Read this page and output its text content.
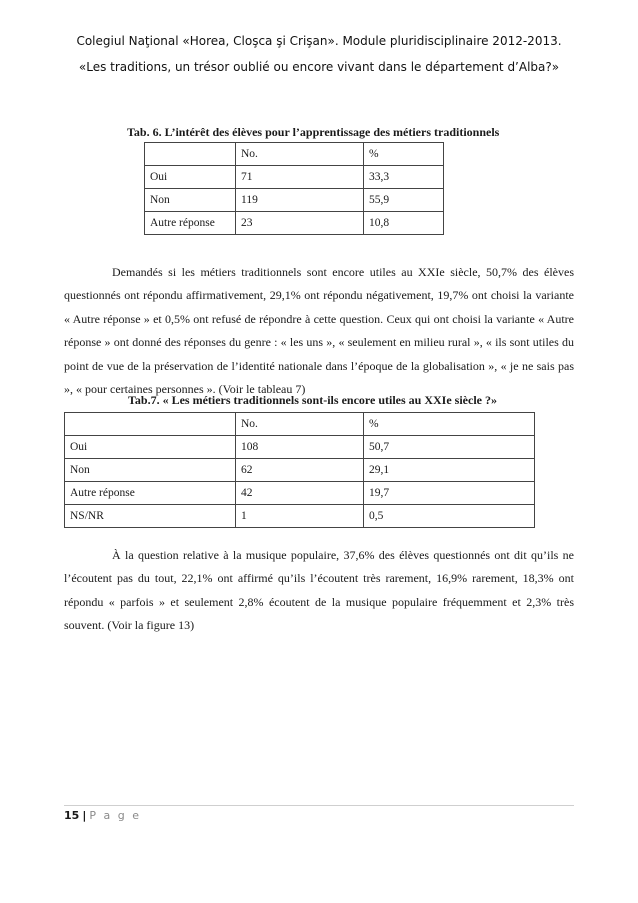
Colegiul Naţional «Horea, Cloşca şi Crişan». Module pluridisciplinaire 2012-2013.
«Les traditions, un trésor oublié ou encore vivant dans le département d’Alba?»
Tab. 6. L’intérêt des élèves pour l’apprentissage des métiers traditionnels
	No.	%
Oui	71	33,3
Non	119	55,9
Autre réponse	23	10,8

Demandés si les métiers traditionnels sont encore utiles au XXIe siècle, 50,7% des élèves questionnés ont répondu affirmativement, 29,1% ont répondu négativement, 19,7% ont choisi la variante « Autre réponse » et 0,5% ont refusé de répondre à cette question. Ceux qui ont choisi la variante « Autre réponse » ont donné des réponses du genre : « les uns », « seulement en milieu rural », « ils sont utiles du point de vue de la préservation de l’identité nationale dans l’époque de la globalisation », « je ne sais pas », « pour certaines personnes ». (Voir le tableau 7)

Tab.7. « Les métiers traditionnels sont-ils encore utiles au XXIe siècle ?»
	No.	%
Oui	108	50,7
Non	62	29,1
Autre réponse	42	19,7
NS/NR	1	0,5

À la question relative à la musique populaire, 37,6% des élèves questionnés ont dit qu’ils ne l’écoutent pas du tout, 22,1% ont affirmé qu’ils l’écoutent très rarement, 16,9% rarement, 18,3% ont répondu « parfois » et seulement 2,8% écoutent de la musique populaire fréquemment et 2,3% très souvent. (Voir la figure 13)

15 | P a g e
